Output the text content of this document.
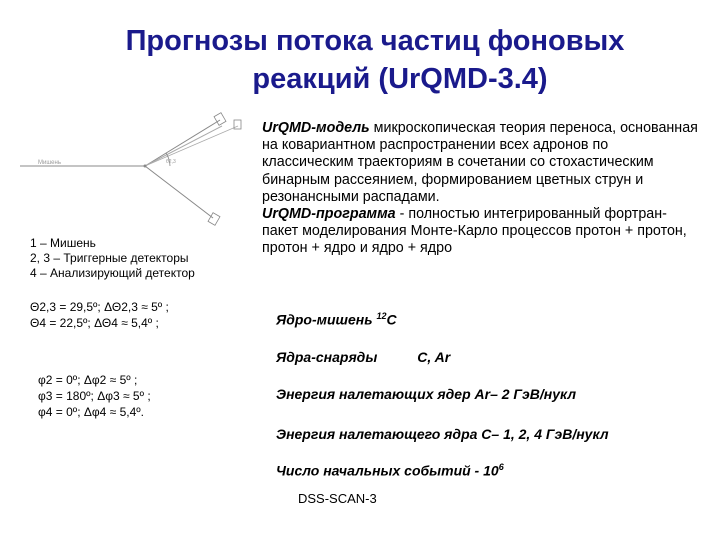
Прогнозы потока частиц фоновых
реакций (UrQMD-3.4)
Мишень	θ2,3
1 – Мишень
2, 3 – Триггерные детекторы
4 – Анализирующий детектор
Θ2,3 = 29,5º; ΔΘ2,3 ≈ 5º ;
Θ4 = 22,5º; ΔΘ4 ≈ 5,4º ;
φ2 = 0º; Δφ2 ≈ 5º ;
φ3 = 180º; Δφ3 ≈ 5º ;
φ4 = 0º; Δφ4 ≈ 5,4º.
UrQMD-модель микроскопическая теория переноса, основанная на ковариантном распространении всех адронов по классическим траекториям в сочетании со стохастическим бинарным рассеянием, формированием цветных струн и резонансными распадами.
UrQMD-программа - полностью интегрированный фортран-пакет моделирования Монте-Карло процессов протон + протон, протон + ядро и ядро + ядро
Ядро-мишень $^{12}$C
Ядра-снаряды	C, Ar
Энергия налетающих ядер Ar– 2 ГэВ/нукл
Энергия налетающего ядра C– 1, 2, 4 ГэВ/нукл
Число начальных событий - $10^6$
DSS-SCAN-3
